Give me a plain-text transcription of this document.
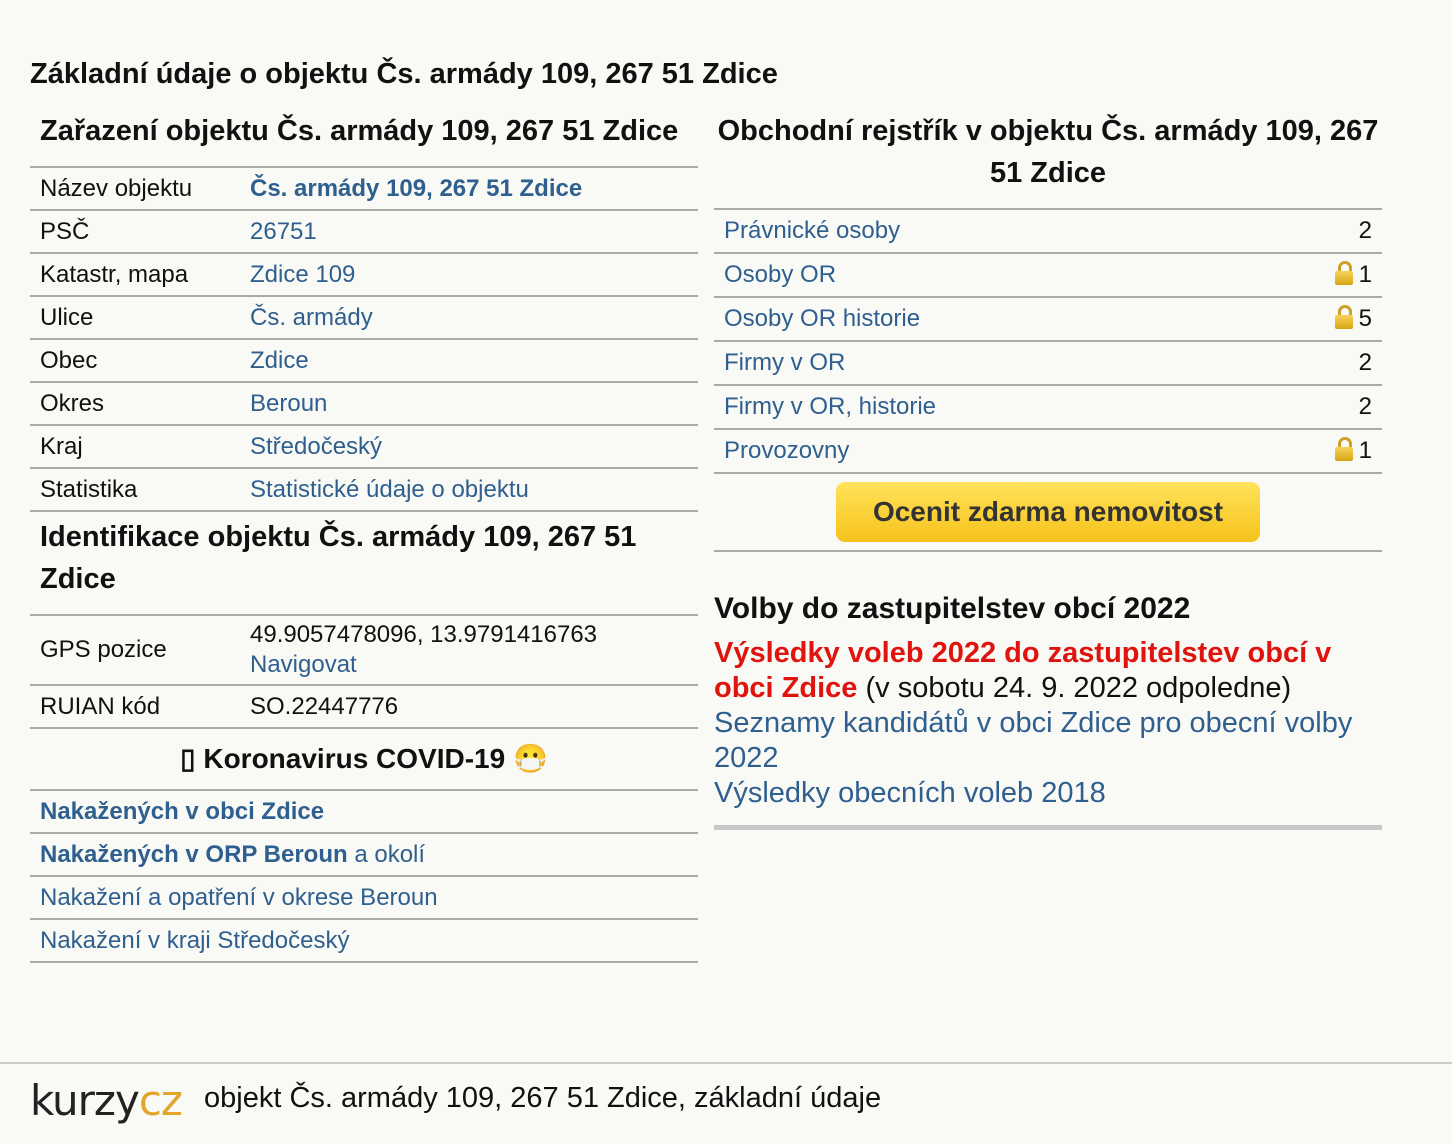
Základní údaje o objektu Čs. armády 109, 267 51 Zdice
Zařazení objektu Čs. armády 109, 267 51 Zdice
Název objektu	Čs. armády 109, 267 51 Zdice
PSČ	26751
Katastr, mapa	Zdice 109
Ulice	Čs. armády
Obec	Zdice
Okres	Beroun
Kraj	Středočeský
Statistika	Statistické údaje o objektu
Identifikace objektu Čs. armády 109, 267 51 Zdice
GPS pozice	49.9057478096, 13.9791416763
Navigovat
RUIAN kód	SO.22447776
▯ Koronavirus COVID-19 😷
Nakažených v obci Zdice
Nakažených v ORP Beroun a okolí
Nakažení a opatření v okrese Beroun
Nakažení v kraji Středočeský
Obchodní rejstřík v objektu Čs. armády 109, 267 51 Zdice
Právnické osoby	2
Osoby OR	1
Osoby OR historie	5
Firmy v OR	2
Firmy v OR, historie	2
Provozovny	1
Ocenit zdarma nemovitost
Volby do zastupitelstev obcí 2022

Výsledky voleb 2022 do zastupitelstev obcí v obci Zdice (v sobotu 24. 9. 2022 odpoledne)

Seznamy kandidátů v obci Zdice pro obecní volby 2022

Výsledky obecních voleb 2018

kurzycz objekt Čs. armády 109, 267 51 Zdice, základní údaje
